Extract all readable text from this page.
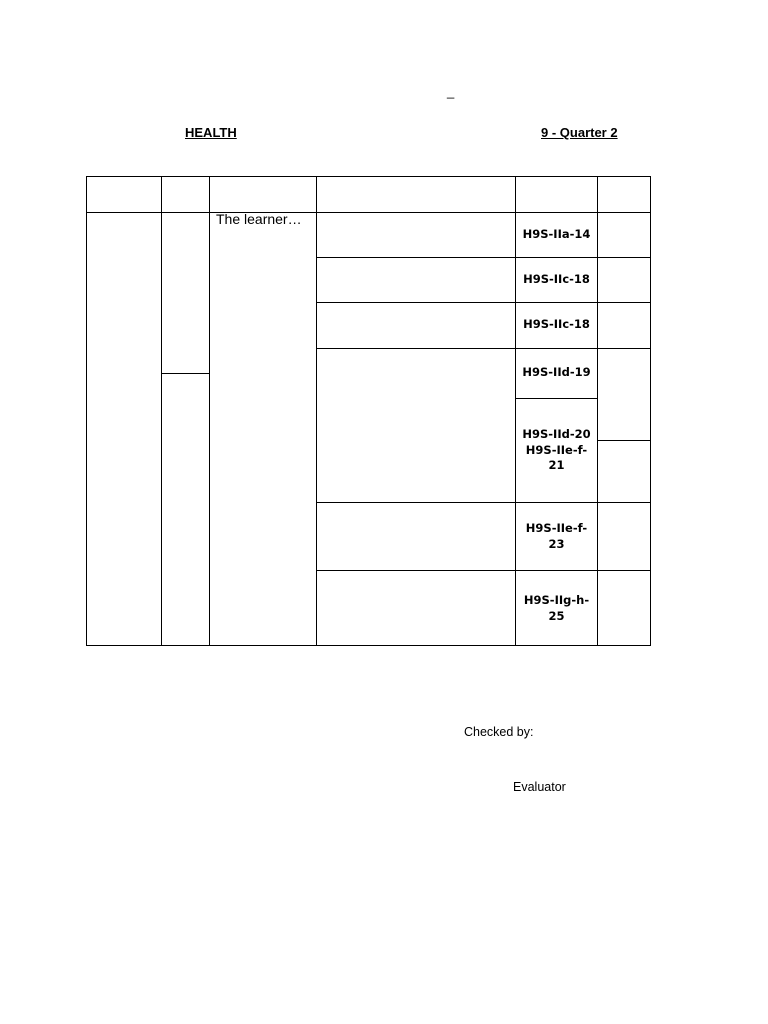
_
HEALTH	9 - Quarter 2
The learner…
H9S-IIa-14
H9S-IIc-18
H9S-IIc-18
H9S-IId-19
H9S-IId-20
H9S-IIe-f-
21
H9S-IIe-f-
23
H9S-IIg-h-
25
Checked by:
Evaluator
